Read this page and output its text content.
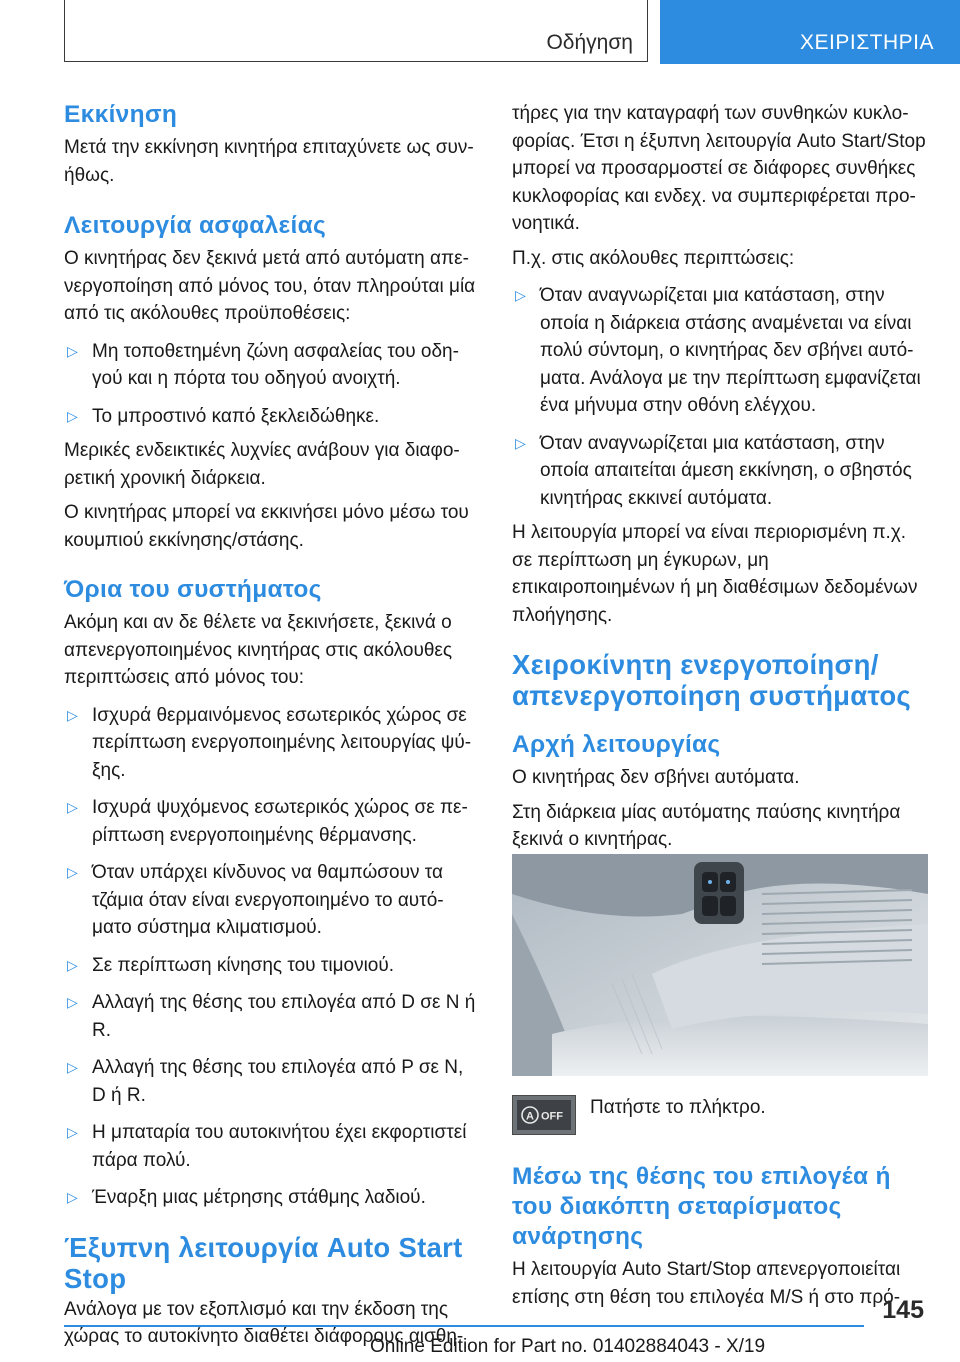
Οδήγηση	ΧΕΙΡΙΣΤΗΡΙΑ
Εκκίνηση

Μετά την εκκίνηση κινητήρα επιταχύνετε ως συν-ήθως.

Λειτουργία ασφαλείας

Ο κινητήρας δεν ξεκινά μετά από αυτόματη απε-νεργοποίηση από μόνος του, όταν πληρούται μία από τις ακόλουθες προϋποθέσεις:

▷ Μη τοποθετημένη ζώνη ασφαλείας του οδη-γού και η πόρτα του οδηγού ανοιχτή.
▷ Το μπροστινό καπό ξεκλειδώθηκε.

Μερικές ενδεικτικές λυχνίες ανάβουν για διαφο-ρετική χρονική διάρκεια.

Ο κινητήρας μπορεί να εκκινήσει μόνο μέσω του κουμπιού εκκίνησης/στάσης.

Όρια του συστήματος

Ακόμη και αν δε θέλετε να ξεκινήσετε, ξεκινά ο απενεργοποιημένος κινητήρας στις ακόλουθες περιπτώσεις από μόνος του:

▷ Ισχυρά θερμαινόμενος εσωτερικός χώρος σε περίπτωση ενεργοποιημένης λειτουργίας ψύ-ξης.
▷ Ισχυρά ψυχόμενος εσωτερικός χώρος σε πε-ρίπτωση ενεργοποιημένης θέρμανσης.
▷ Όταν υπάρχει κίνδυνος να θαμπώσουν τα τζάμια όταν είναι ενεργοποιημένο το αυτό-ματο σύστημα κλιματισμού.
▷ Σε περίπτωση κίνησης του τιμονιού.
▷ Αλλαγή της θέσης του επιλογέα από D σε N ή R.
▷ Αλλαγή της θέσης του επιλογέα από P σε N, D ή R.
▷ Η μπαταρία του αυτοκινήτου έχει εκφορτιστεί πάρα πολύ.
▷ Έναρξη μιας μέτρησης στάθμης λαδιού.
Έξυπνη λειτουργία Auto Start Stop

Ανάλογα με τον εξοπλισμό και την έκδοση της χώρας το αυτοκίνητο διαθέτει διάφορους αισθη-

τήρες για την καταγραφή των συνθηκών κυκλο-φορίας. Έτσι η έξυπνη λειτουργία Auto Start/Stop μπορεί να προσαρμοστεί σε διάφορες συνθήκες κυκλοφορίας και ενδεχ. να συμπεριφέρεται προ-νοητικά.

Π.χ. στις ακόλουθες περιπτώσεις:

▷ Όταν αναγνωρίζεται μια κατάσταση, στην οποία η διάρκεια στάσης αναμένεται να είναι πολύ σύντομη, ο κινητήρας δεν σβήνει αυτό-ματα. Ανάλογα με την περίπτωση εμφανίζεται ένα μήνυμα στην οθόνη ελέγχου.
▷ Όταν αναγνωρίζεται μια κατάσταση, στην οποία απαιτείται άμεση εκκίνηση, ο σβηστός κινητήρας εκκινεί αυτόματα.

Η λειτουργία μπορεί να είναι περιορισμένη π.χ. σε περίπτωση μη έγκυρων, μη επικαιροποιημένων ή μη διαθέσιμων δεδομένων πλοήγησης.

Χειροκίνητη ενεργοποίηση/απενεργοποίηση συστήματος
Αρχή λειτουργίας

Ο κινητήρας δεν σβήνει αυτόματα.

Στη διάρκεια μίας αυτόματης παύσης κινητήρα ξεκινά ο κινητήρας.

A OFF Πατήστε το πλήκτρο.
Μέσω της θέσης του επιλογέα ή του διακόπτη σεταρίσματος ανάρτησης

Η λειτουργία Auto Start/Stop απενεργοποιείται επίσης στη θέση του επιλογέα M/S ή στο πρό-

145
Online Edition for Part no. 01402884043 - X/19
